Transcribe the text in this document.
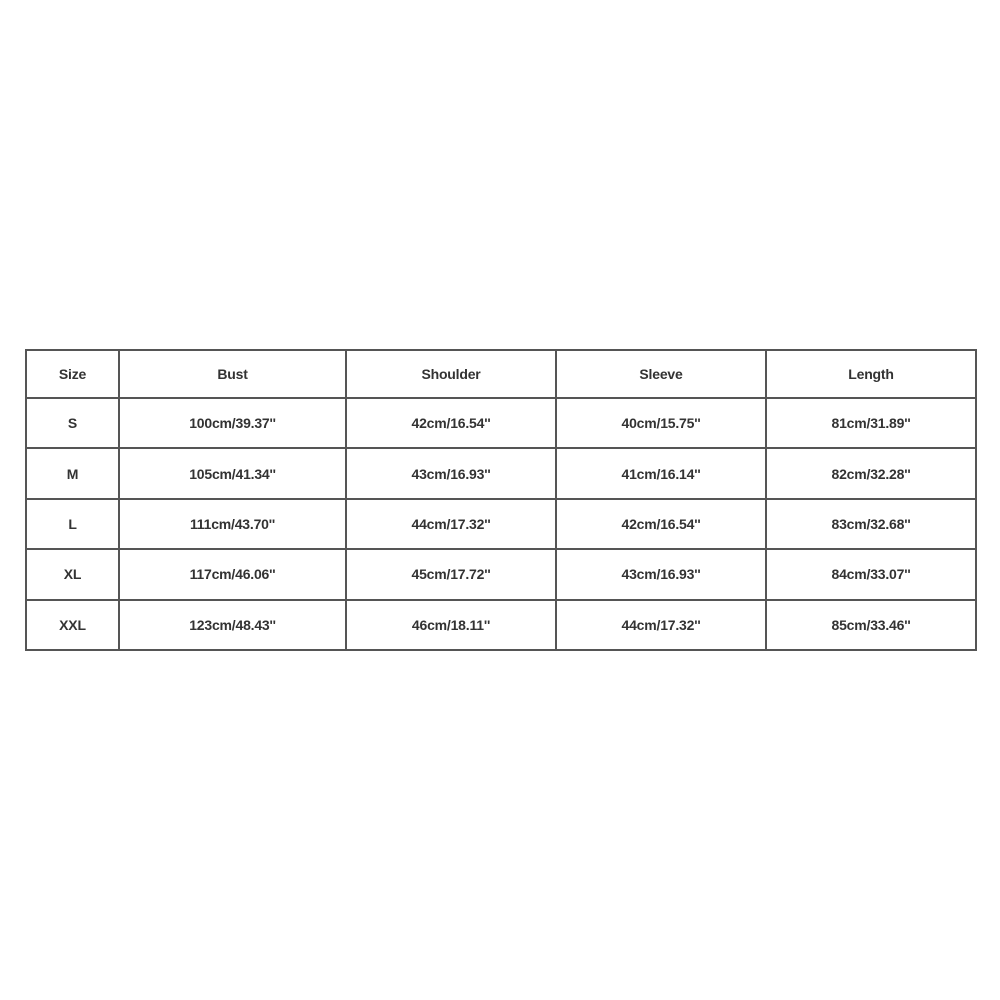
Size	Bust	Shoulder	Sleeve	Length
S	100cm/39.37''	42cm/16.54''	40cm/15.75''	81cm/31.89''
M	105cm/41.34''	43cm/16.93''	41cm/16.14''	82cm/32.28''
L	111cm/43.70''	44cm/17.32''	42cm/16.54''	83cm/32.68''
XL	117cm/46.06''	45cm/17.72''	43cm/16.93''	84cm/33.07''
XXL	123cm/48.43''	46cm/18.11''	44cm/17.32''	85cm/33.46''
